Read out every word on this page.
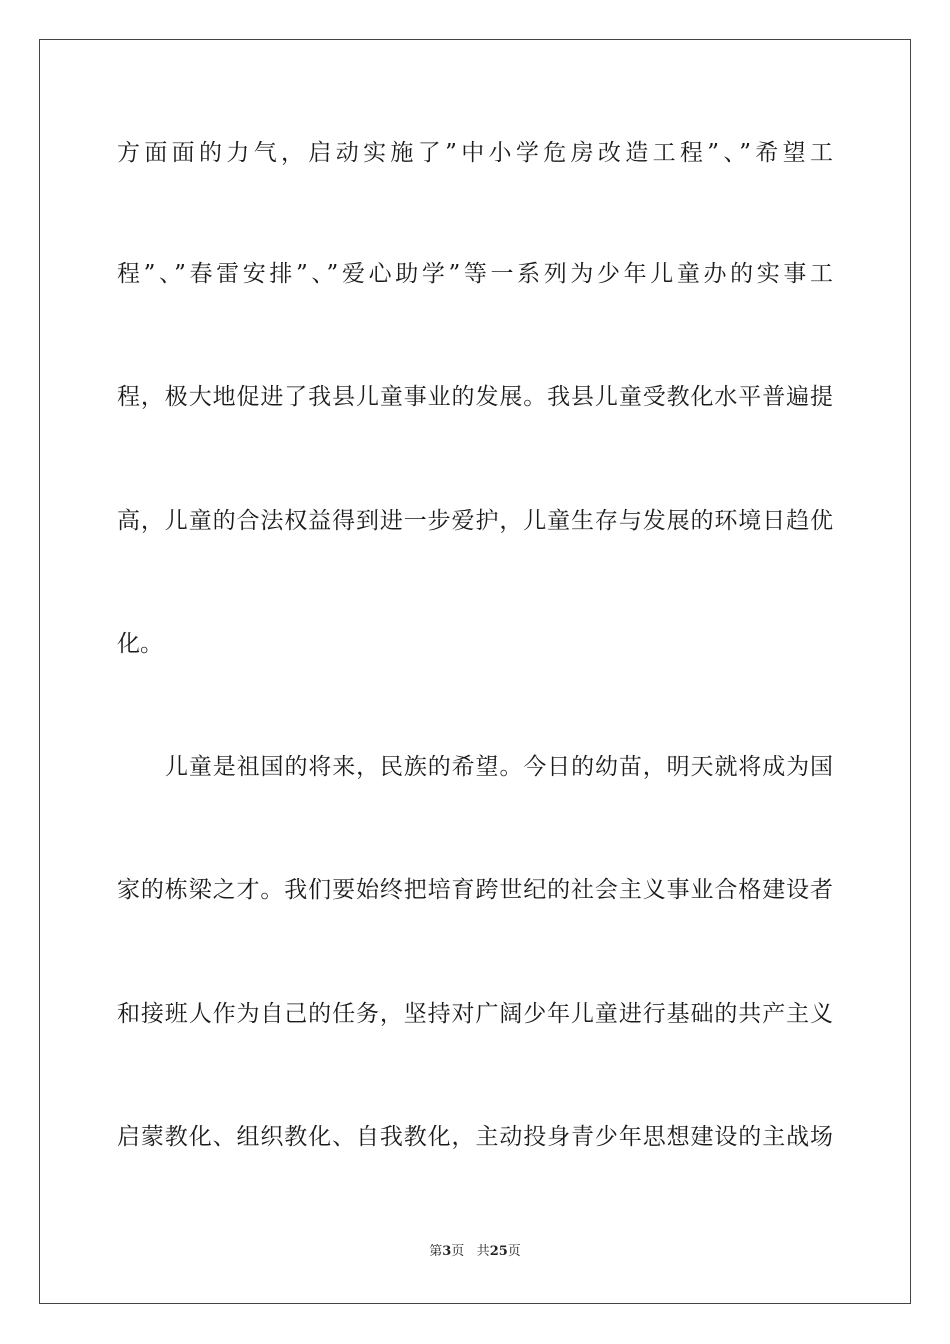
方面面的力气，启动实施了”中小学危房改造工程”、”希望工
程”、”春雷安排”、”爱心助学”等一系列为少年儿童办的实事工
程，极大地促进了我县儿童事业的发展。我县儿童受教化水平普遍提
高，儿童的合法权益得到进一步爱护，儿童生存与发展的环境日趋优
化。
儿童是祖国的将来，民族的希望。今日的幼苗，明天就将成为国
家的栋梁之才。我们要始终把培育跨世纪的社会主义事业合格建设者
和接班人作为自己的任务，坚持对广阔少年儿童进行基础的共产主义
启蒙教化、组织教化、自我教化，主动投身青少年思想建设的主战场
第3页 共25页
